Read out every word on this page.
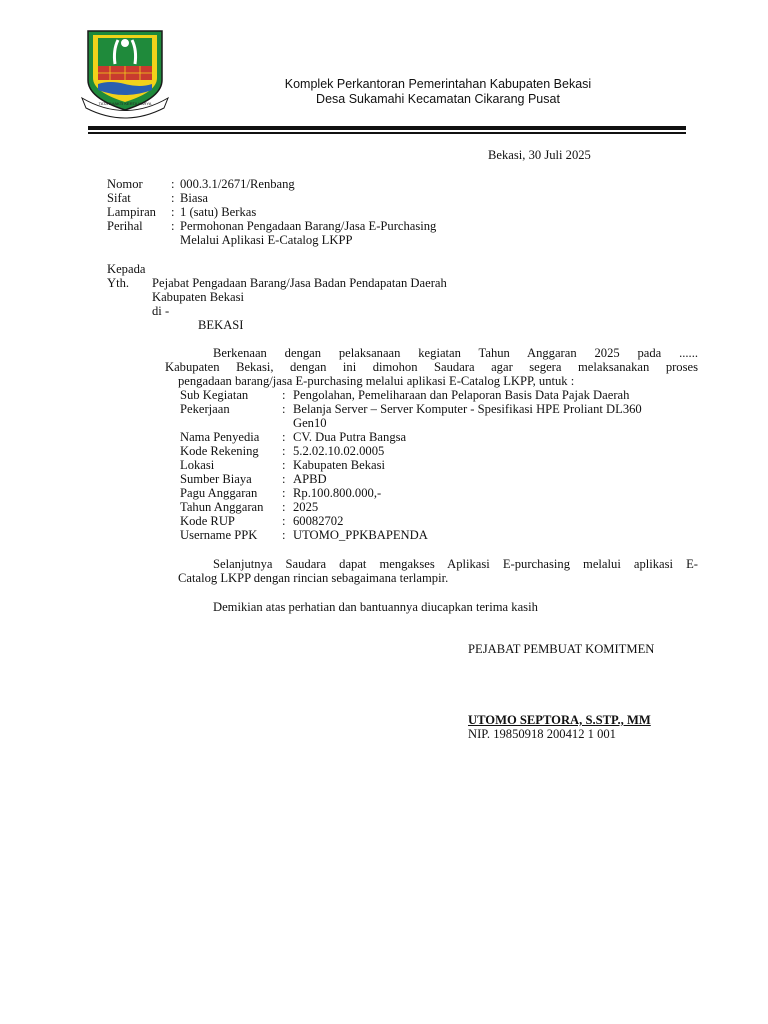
TATA BHAKTI KERTA KARYA
Komplek Perkantoran Pemerintahan Kabupaten Bekasi
Desa Sukamahi Kecamatan Cikarang Pusat
Bekasi, 30 Juli 2025
Nomor : 000.3.1/2671/Renbang
Sifat	: Biasa
Lampiran : 1 (satu) Berkas
Perihal : Permohonan Pengadaan Barang/Jasa E-Purchasing
Melalui Aplikasi E-Catalog LKPP
Kepada
Yth. Pejabat Pengadaan Barang/Jasa Badan Pendapatan Daerah
Kabupaten Bekasi
di -
BEKASI
Berkenaan dengan pelaksanaan kegiatan Tahun Anggaran 2025 pada ......
Kabupaten Bekasi, dengan ini dimohon Saudara agar segera melaksanakan proses
pengadaan barang/jasa E-purchasing melalui aplikasi E-Catalog LKPP, untuk :
Sub Kegiatan	: Pengolahan, Pemeliharaan dan Pelaporan Basis Data Pajak Daerah
Pekerjaan	: Belanja Server – Server Komputer - Spesifikasi HPE Proliant DL360
Gen10
Nama Penyedia : CV. Dua Putra Bangsa
Kode Rekening : 5.2.02.10.02.0005
Lokasi	: Kabupaten Bekasi
Sumber Biaya : APBD
Pagu Anggaran : Rp.100.800.000,-
Tahun Anggaran : 2025
Kode RUP	: 60082702
Username PPK : UTOMO_PPKBAPENDA
Selanjutnya Saudara dapat mengakses Aplikasi E-purchasing melalui aplikasi E-
Catalog LKPP dengan rincian sebagaimana terlampir.
Demikian atas perhatian dan bantuannya diucapkan terima kasih
PEJABAT PEMBUAT KOMITMEN
UTOMO SEPTORA, S.STP., MM
NIP. 19850918 200412 1 001
